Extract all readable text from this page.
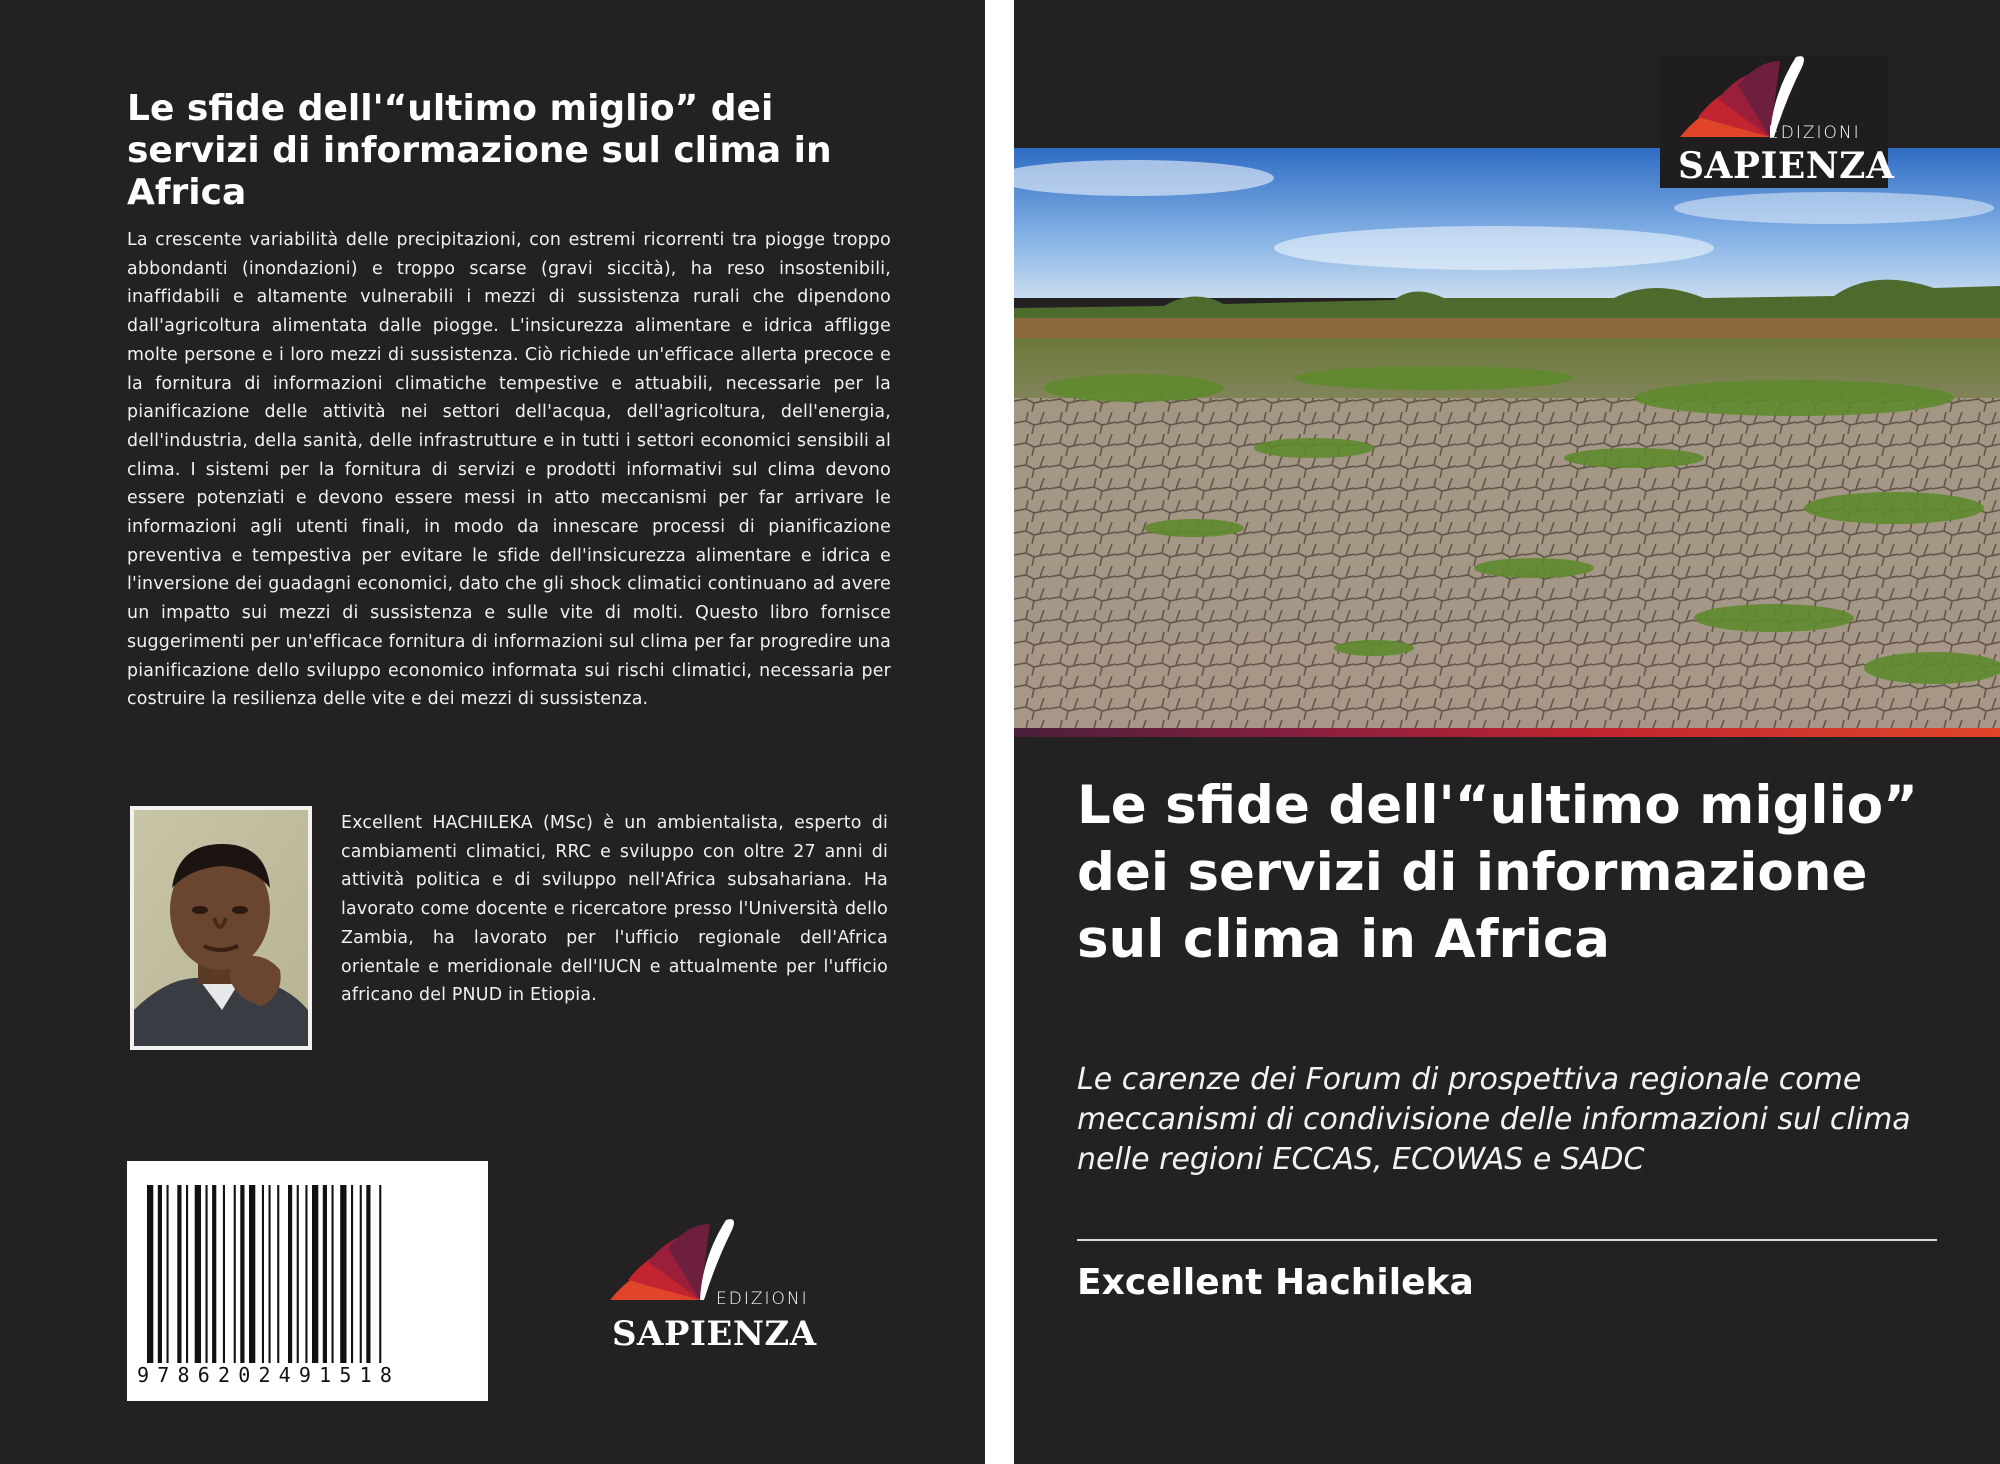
Le sfide dell'“ultimo miglio” dei servizi di informazione sul clima in Africa

La crescente variabilità delle precipitazioni, con estremi ricorrenti tra piogge troppo abbondanti (inondazioni) e troppo scarse (gravi siccità), ha reso insostenibili, inaffidabili e altamente vulnerabili i mezzi di sussistenza rurali che dipendono dall'agricoltura alimentata dalle piogge. L'insicurezza alimentare e idrica affligge molte persone e i loro mezzi di sussistenza. Ciò richiede un'efficace allerta precoce e la fornitura di informazioni climatiche tempestive e attuabili, necessarie per la pianificazione delle attività nei settori dell'acqua, dell'agricoltura, dell'energia, dell'industria, della sanità, delle infrastrutture e in tutti i settori economici sensibili al clima. I sistemi per la fornitura di servizi e prodotti informativi sul clima devono essere potenziati e devono essere messi in atto meccanismi per far arrivare le informazioni agli utenti finali, in modo da innescare processi di pianificazione preventiva e tempestiva per evitare le sfide dell'insicurezza alimentare e idrica e l'inversione dei guadagni economici, dato che gli shock climatici continuano ad avere un impatto sui mezzi di sussistenza e sulle vite di molti. Questo libro fornisce suggerimenti per un'efficace fornitura di informazioni sul clima per far progredire una pianificazione dello sviluppo economico informata sui rischi climatici, necessaria per costruire la resilienza delle vite e dei mezzi di sussistenza.

Excellent HACHILEKA (MSc) è un ambientalista, esperto di cambiamenti climatici, RRC e sviluppo con oltre 27 anni di attività politica e di sviluppo nell'Africa subsahariana. Ha lavorato come docente e ricercatore presso l'Università dello Zambia, ha lavorato per l'ufficio regionale dell'Africa orientale e meridionale dell'IUCN e attualmente per l'ufficio africano del PNUD in Etiopia.

9786202491518
EDIZIONI
SAPIENZA
EDIZIONI
SAPIENZA
Le sfide dell'“ultimo miglio” dei servizi di informazione sul clima in Africa

Le carenze dei Forum di prospettiva regionale come meccanismi di condivisione delle informazioni sul clima nelle regioni ECCAS, ECOWAS e SADC

Excellent Hachileka
